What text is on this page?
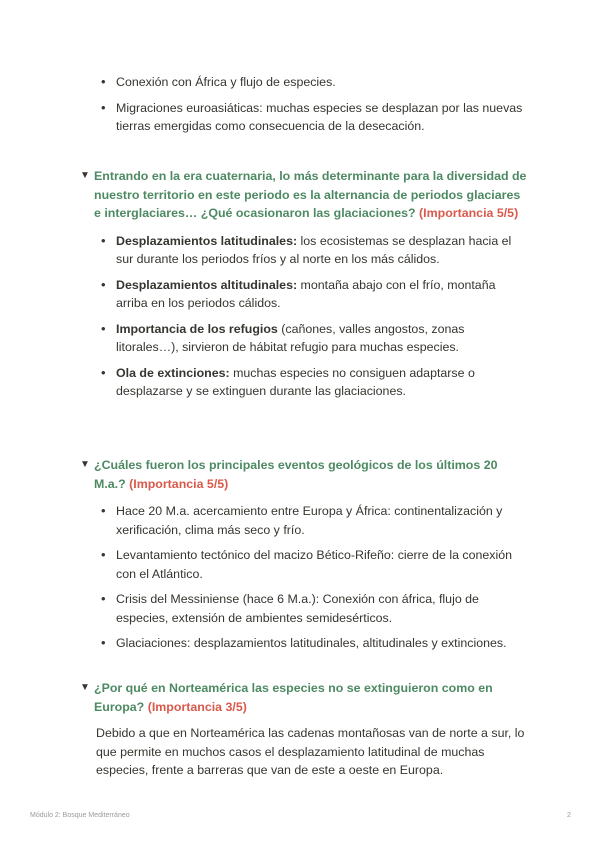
• Conexión con África y flujo de especies.
• Migraciones euroasiáticas: muchas especies se desplazan por las nuevas tierras emergidas como consecuencia de la desecación.
▼ Entrando en la era cuaternaria, lo más determinante para la diversidad de nuestro territorio en este periodo es la alternancia de periodos glaciares e interglaciares… ¿Qué ocasionaron las glaciaciones? (Importancia 5/5)
• Desplazamientos latitudinales: los ecosistemas se desplazan hacia el sur durante los periodos fríos y al norte en los más cálidos.
• Desplazamientos altitudinales: montaña abajo con el frío, montaña arriba en los periodos cálidos.
• Importancia de los refugios (cañones, valles angostos, zonas litorales…), sirvieron de hábitat refugio para muchas especies.
• Ola de extinciones: muchas especies no consiguen adaptarse o desplazarse y se extinguen durante las glaciaciones.
▼ ¿Cuáles fueron los principales eventos geológicos de los últimos 20 M.a.? (Importancia 5/5)
• Hace 20 M.a. acercamiento entre Europa y África: continentalización y xerificación, clima más seco y frío.
• Levantamiento tectónico del macizo Bético-Rifeño: cierre de la conexión con el Atlántico.
• Crisis del Messiniense (hace 6 M.a.): Conexión con áfrica, flujo de especies, extensión de ambientes semidesérticos.
• Glaciaciones: desplazamientos latitudinales, altitudinales y extinciones.
▼ ¿Por qué en Norteamérica las especies no se extinguieron como en Europa? (Importancia 3/5)
Debido a que en Norteamérica las cadenas montañosas van de norte a sur, lo que permite en muchos casos el desplazamiento latitudinal de muchas especies, frente a barreras que van de este a oeste en Europa.
Módulo 2: Bosque Mediterráneo	2
